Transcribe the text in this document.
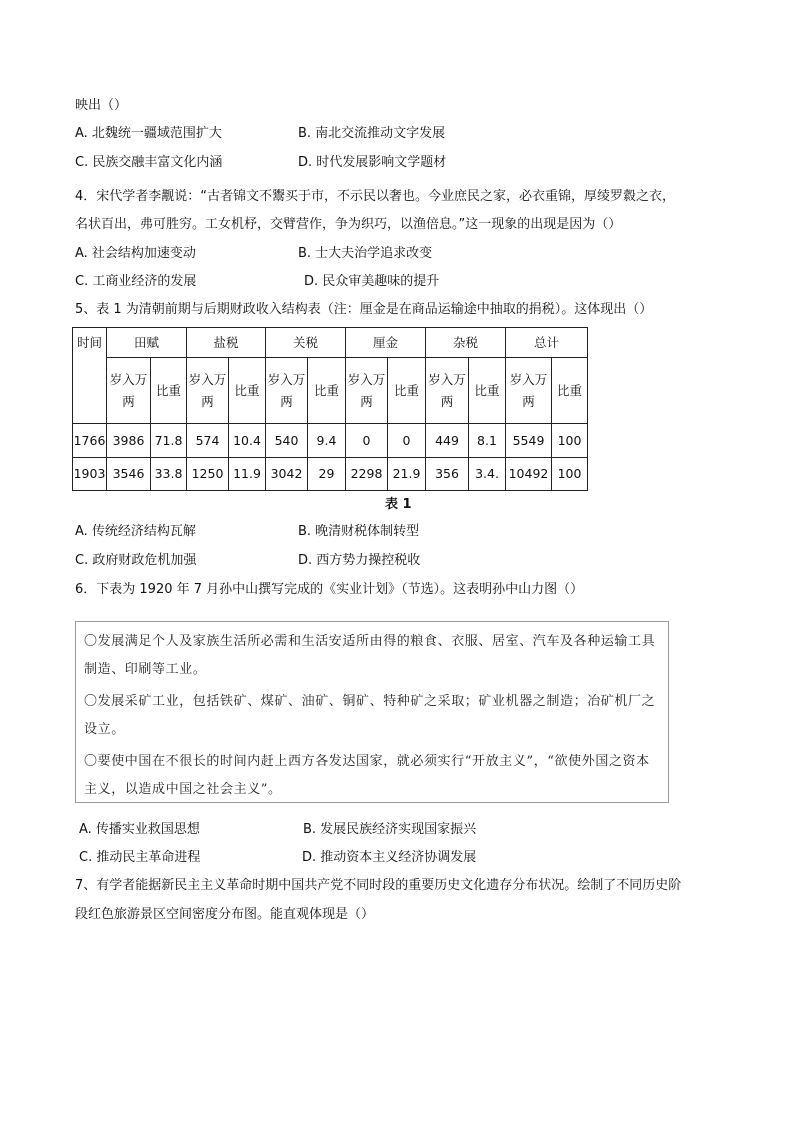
映出（）
A. 北魏统一疆域范围扩大	B. 南北交流推动文字发展
C. 民族交融丰富文化内涵	D. 时代发展影响文学题材
4．宋代学者李觏说：“古者锦文不鬻买于市，不示民以奢也。今业庶民之家，必衣重锦，厚绫罗縠之衣，
名状百出，弗可胜穷。工女机杼，交臂营作，争为织巧，以渔倍息。”这一现象的出现是因为（）
A. 社会结构加速变动	B. 士大夫治学追求改变
C. 工商业经济的发展	D. 民众审美趣味的提升
5、表 1 为清朝前期与后期财政收入结构表（注：厘金是在商品运输途中抽取的捐税）。这体现出（）
时间	田赋		盐税		关税		厘金		杂税		总计	
	岁入万两	比重	岁入万两	比重	岁入万两	比重	岁入万两	比重	岁入万两	比重	岁入万两	比重
1766	3986	71.8	574	10.4	540	9.4	0	0	449	8.1	5549	100
1903	3546	33.8	1250	11.9	3042	29	2298	21.9	356	3.4.	10492	100
表 1
A. 传统经济结构瓦解	B. 晚清财税体制转型
C. 政府财政危机加强	D. 西方势力操控税收
6．下表为 1920 年 7 月孙中山撰写完成的《实业计划》（节选）。这表明孙中山力图（）

〇发展满足个人及家族生活所必需和生活安适所由得的粮食、衣服、居室、汽车及各种运输工具制造、印刷等工业。

〇发展采矿工业，包括铁矿、煤矿、油矿、铜矿、特种矿之采取；矿业机器之制造；冶矿机厂之设立。

〇要使中国在不很长的时间内赶上西方各发达国家，就必须实行“开放主义”，“欲使外国之资本主义，以造成中国之社会主义”。

A. 传播实业救国思想	B. 发展民族经济实现国家振兴
C. 推动民主革命进程	D. 推动资本主义经济协调发展
7、有学者能据新民主主义革命时期中国共产党不同时段的重要历史文化遗存分布状况。绘制了不同历史阶
段红色旅游景区空间密度分布图。能直观体现是（）
